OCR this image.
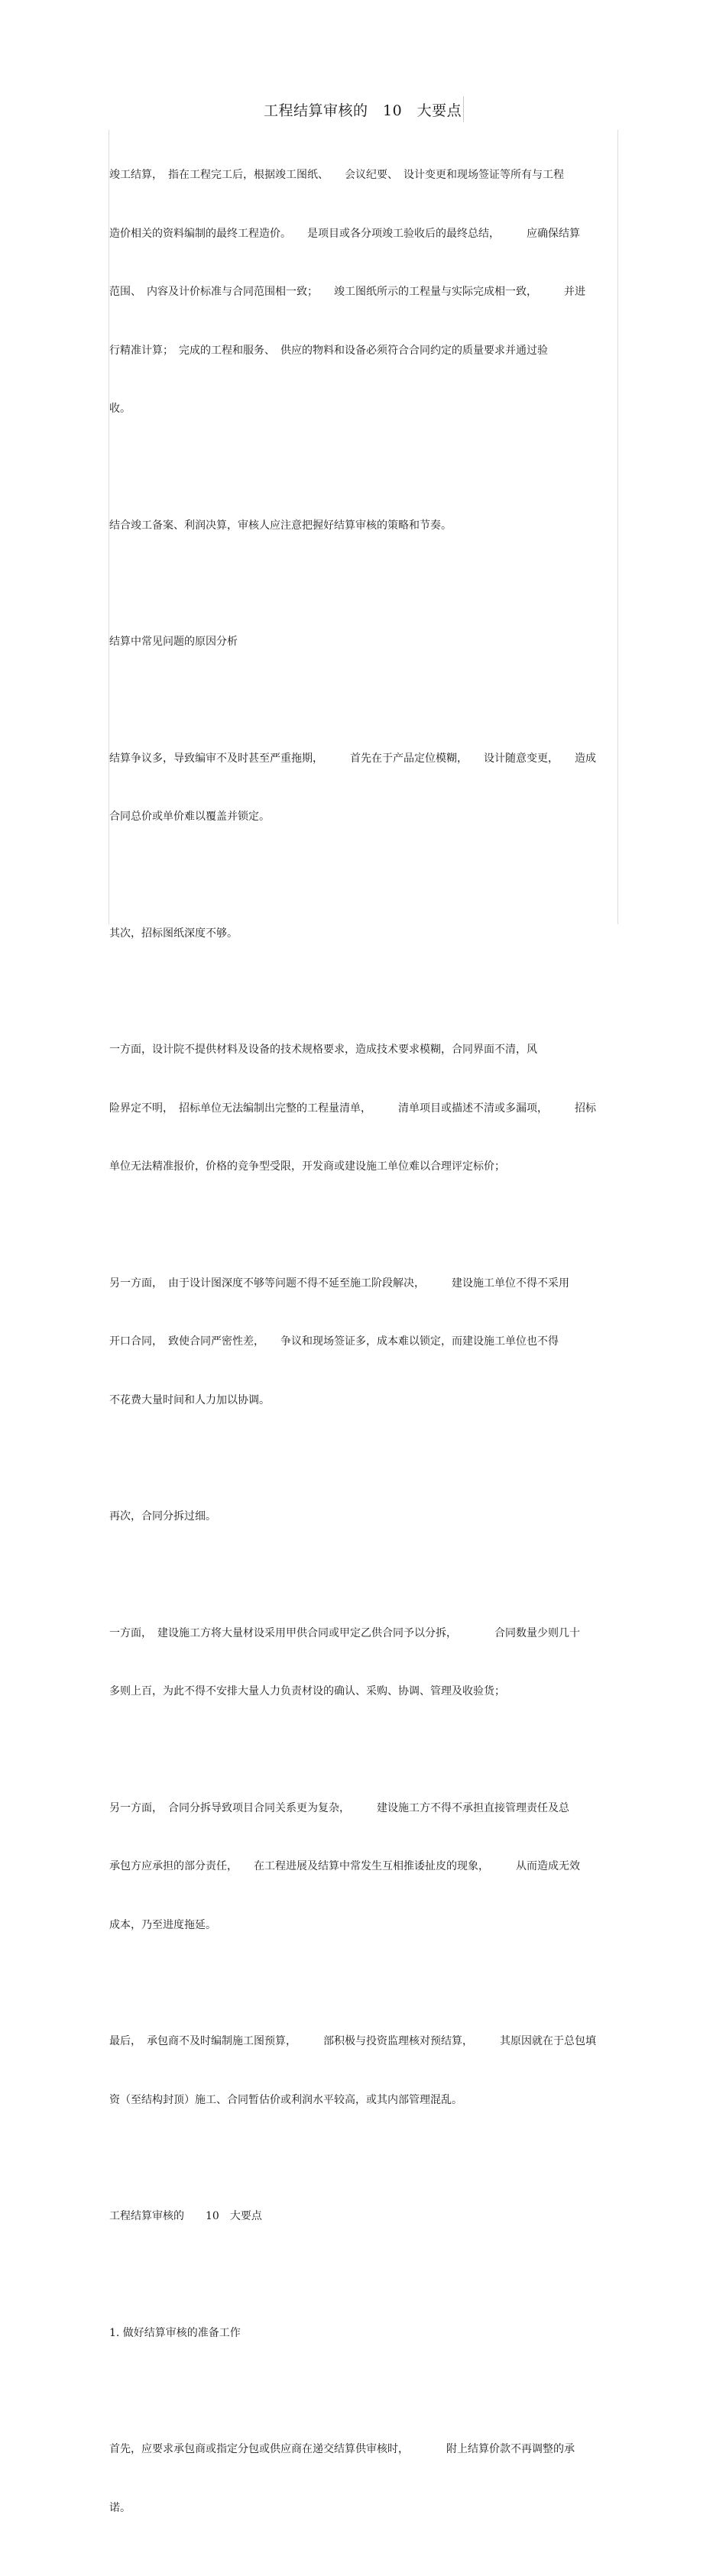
工程结算审核的　10　大要点

竣工结算，　指在工程完工后，根据竣工图纸、　　会议纪要、　设计变更和现场签证等所有与工程

造价相关的资料编制的最终工程造价。　　是项目或各分项竣工验收后的最终总结，　　　应确保结算

范围、　内容及计价标准与合同范围相一致；　　竣工图纸所示的工程量与实际完成相一致，　　　并进

行精准计算；　完成的工程和服务、　供应的物料和设备必须符合合同约定的质量要求并通过验

收。

结合竣工备案、利润决算，审核人应注意把握好结算审核的策略和节奏。

结算中常见问题的原因分析

结算争议多，导致编审不及时甚至严重拖期，　　　首先在于产品定位模糊，　　设计随意变更，　　造成

合同总价或单价难以覆盖并锁定。

其次，招标图纸深度不够。

一方面，设计院不提供材料及设备的技术规格要求，造成技术要求模糊，合同界面不清，风

险界定不明，　招标单位无法编制出完整的工程量清单，　　　清单项目或描述不清或多漏项，　　　招标

单位无法精准报价，价格的竞争型受限，开发商或建设施工单位难以合理评定标价；

另一方面，　由于设计图深度不够等问题不得不延至施工阶段解决，　　　建设施工单位不得不采用

开口合同，　致使合同严密性差，　　争议和现场签证多，成本难以锁定，而建设施工单位也不得

不花费大量时间和人力加以协调。

再次，合同分拆过细。

一方面，　建设施工方将大量材设采用甲供合同或甲定乙供合同予以分拆，　　　　合同数量少则几十

多则上百，为此不得不安排大量人力负责材设的确认、采购、协调、管理及收验货；

另一方面，　合同分拆导致项目合同关系更为复杂，　　　建设施工方不得不承担直接管理责任及总

承包方应承担的部分责任，　　在工程进展及结算中常发生互相推诿扯皮的现象，　　　从而造成无效

成本，乃至进度拖延。

最后，　承包商不及时编制施工图预算，　　　部积极与投资监理核对预结算，　　　其原因就在于总包填

资（至结构封顶）施工、合同暂估价或利润水平较高，或其内部管理混乱。

工程结算审核的　　10　大要点

1. 做好结算审核的准备工作

首先，应要求承包商或指定分包或供应商在递交结算供审核时，　　　　附上结算价款不再调整的承

诺。
